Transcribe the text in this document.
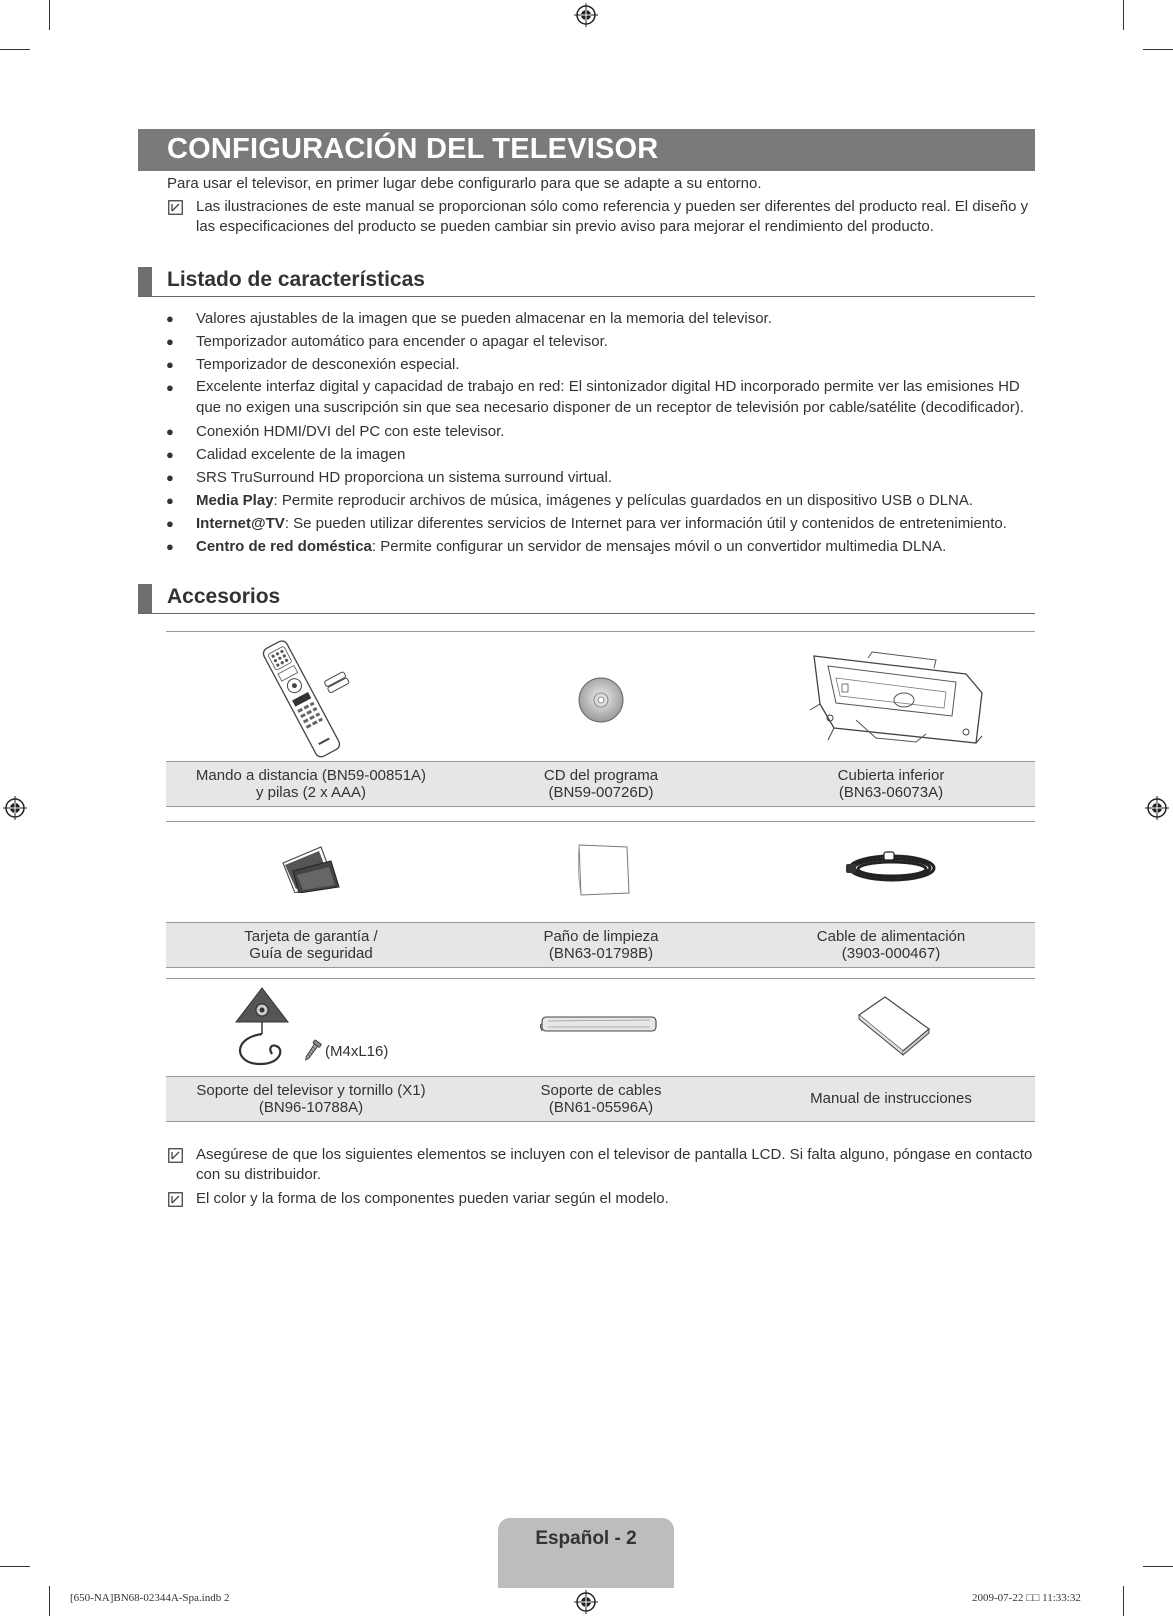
CONFIGURACIÓN DEL TELEVISOR
Para usar el televisor, en primer lugar debe configurarlo para que se adapte a su entorno.
Las ilustraciones de este manual se proporcionan sólo como referencia y pueden ser diferentes del producto real. El diseño y
las especificaciones del producto se pueden cambiar sin previo aviso para mejorar el rendimiento del producto.
Listado de características
● Valores ajustables de la imagen que se pueden almacenar en la memoria del televisor.
● Temporizador automático para encender o apagar el televisor.
● Temporizador de desconexión especial.
● Excelente interfaz digital y capacidad de trabajo en red: El sintonizador digital HD incorporado permite ver las emisiones HD
que no exigen una suscripción sin que sea necesario disponer de un receptor de televisión por cable/satélite (decodificador).
● Conexión HDMI/DVI del PC con este televisor.
● Calidad excelente de la imagen
● SRS TruSurround HD proporciona un sistema surround virtual.
● Media Play: Permite reproducir archivos de música, imágenes y películas guardados en un dispositivo USB o DLNA.
● Internet@TV: Se pueden utilizar diferentes servicios de Internet para ver información útil y contenidos de entretenimiento.
● Centro de red doméstica: Permite configurar un servidor de mensajes móvil o un convertidor multimedia DLNA.
Accesorios
Mando a distancia (BN59-00851A)
y pilas (2 x AAA)
CD del programa
(BN59-00726D)
Cubierta inferior
(BN63-06073A)
Tarjeta de garantía /
Guía de seguridad
Paño de limpieza
(BN63-01798B)
Cable de alimentación
(3903-000467)
(M4xL16)
Soporte del televisor y tornillo (X1)
(BN96-10788A)
Soporte de cables
(BN61-05596A)
Manual de instrucciones
Asegúrese de que los siguientes elementos se incluyen con el televisor de pantalla LCD. Si falta alguno, póngase en contacto
con su distribuidor.
El color y la forma de los componentes pueden variar según el modelo.
Español - 2
[650-NA]BN68-02344A-Spa.indb 2	2009-07-22 □□ 11:33:32
